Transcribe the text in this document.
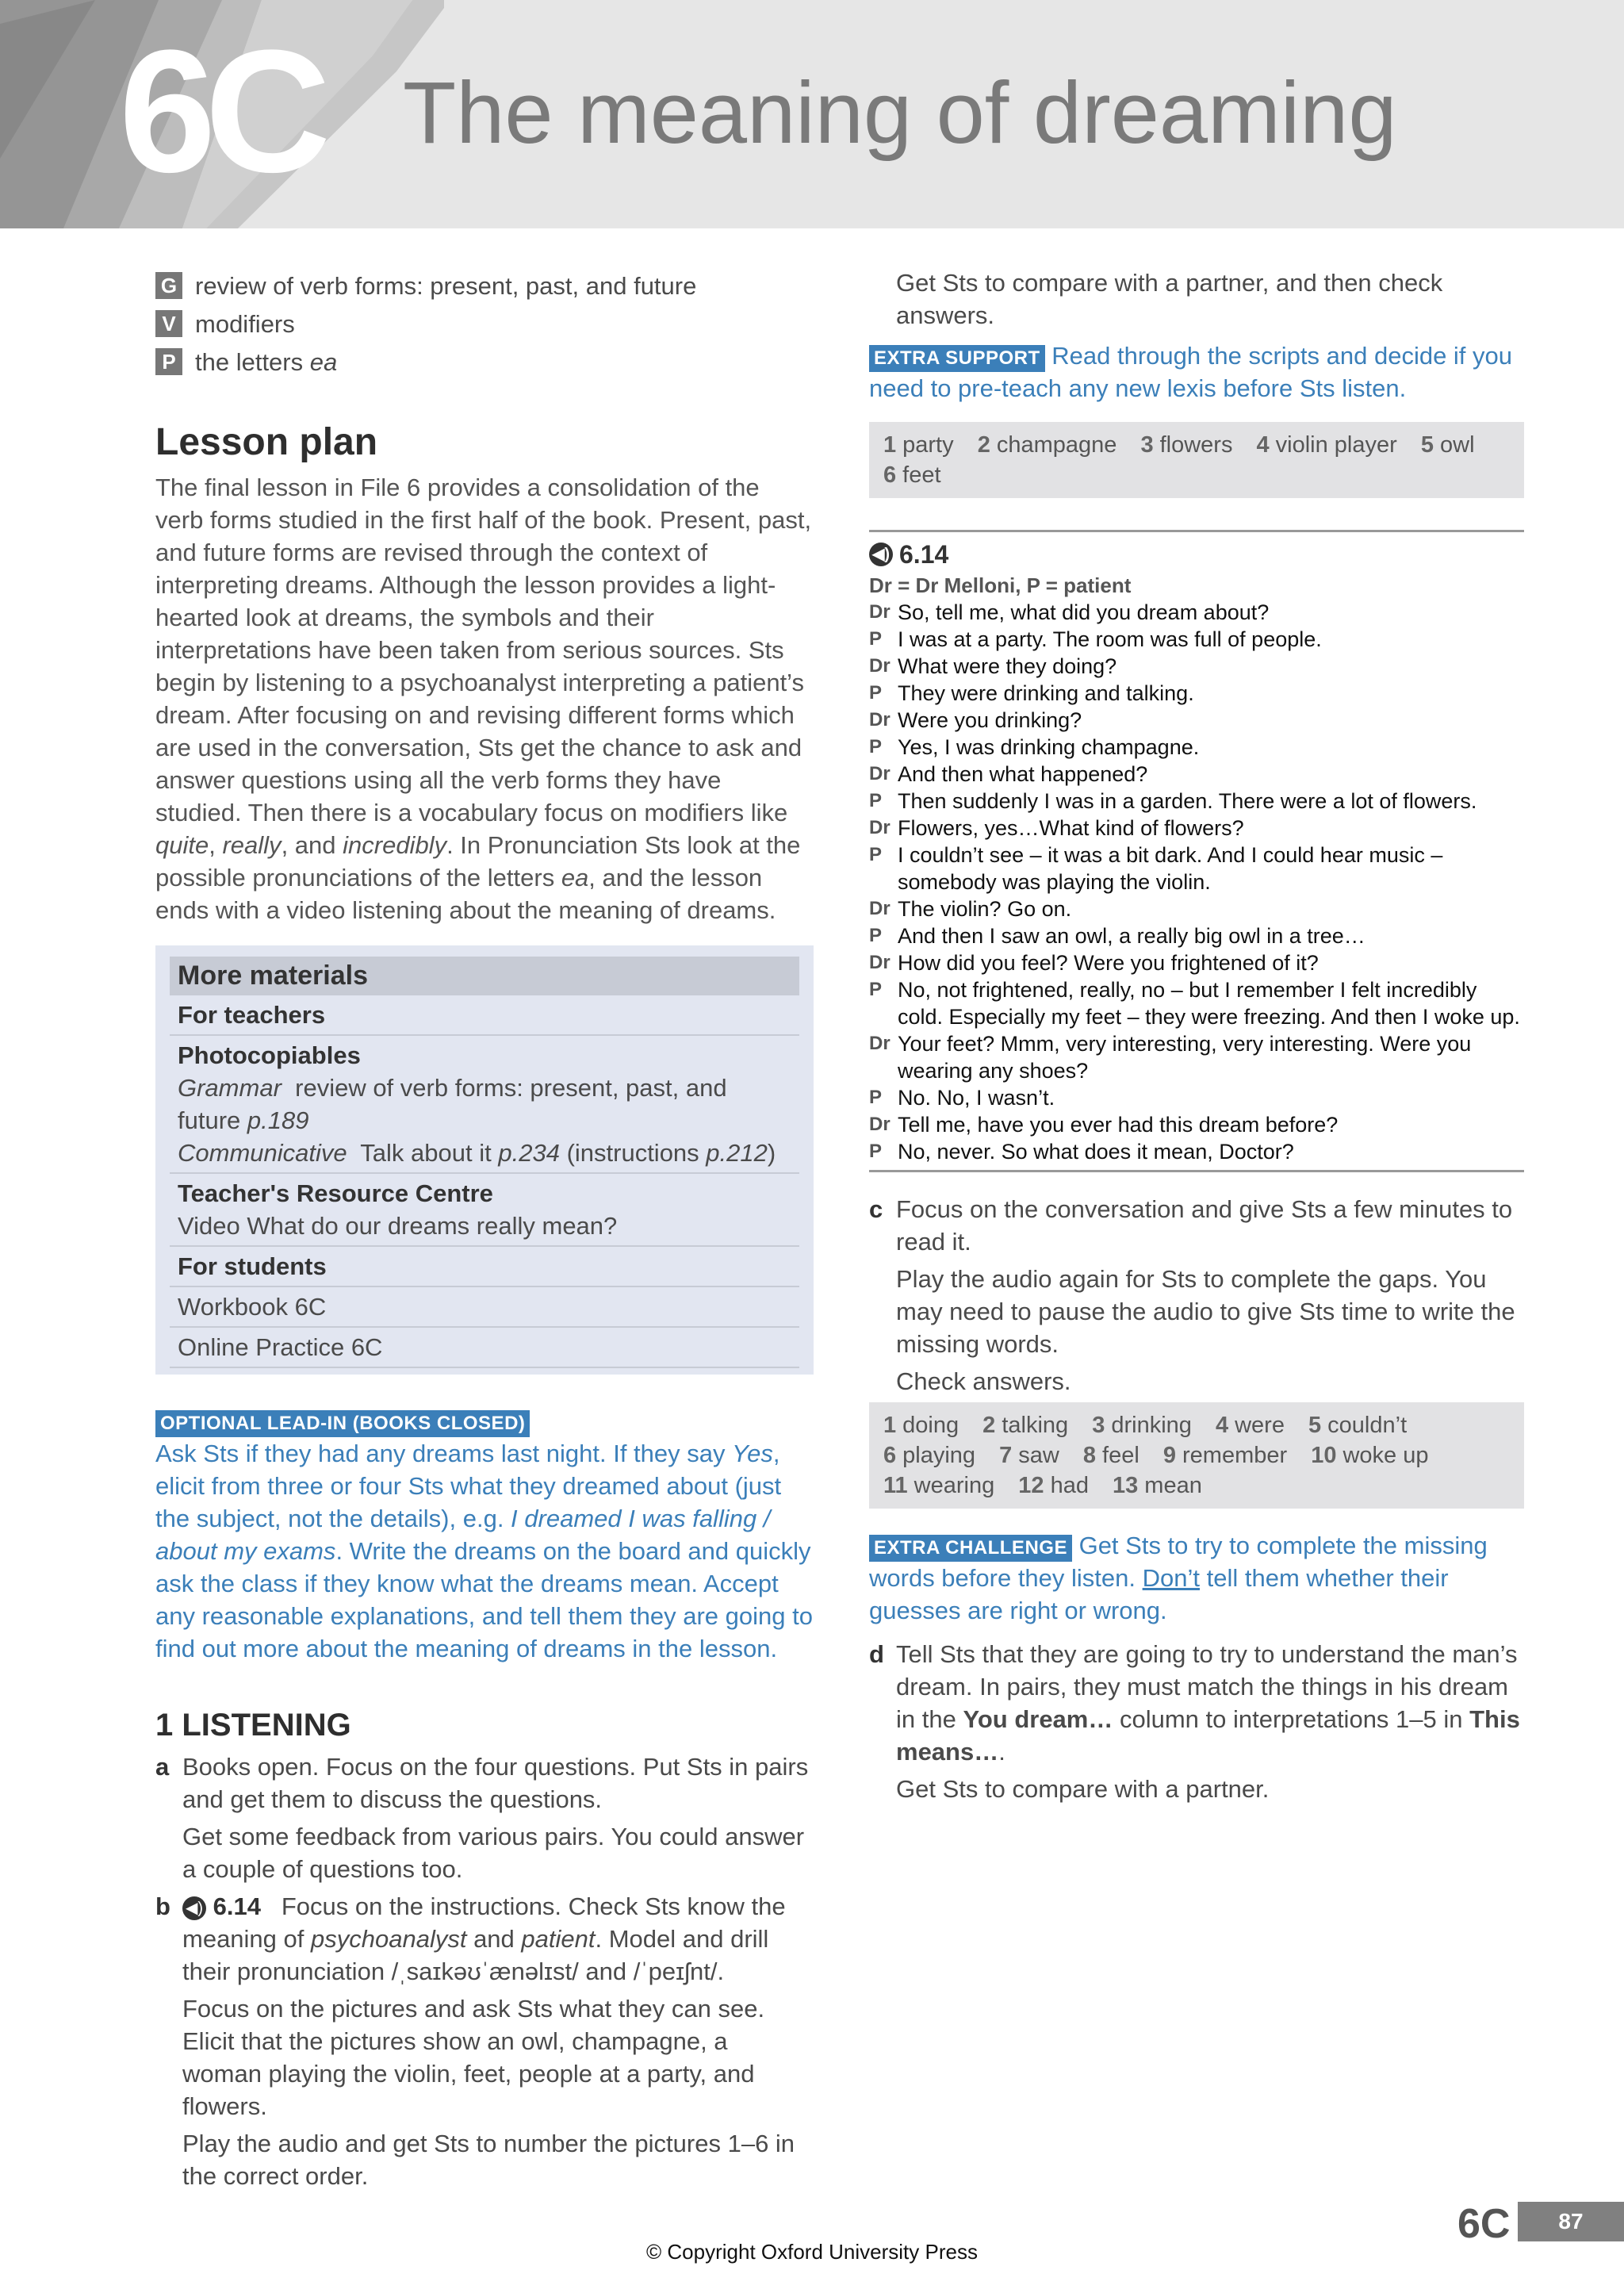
6C The meaning of dreaming
G review of verb forms: present, past, and future
V modifiers
P the letters ea
Lesson plan

The final lesson in File 6 provides a consolidation of the verb forms studied in the first half of the book. Present, past, and future forms are revised through the context of interpreting dreams. Although the lesson provides a light-hearted look at dreams, the symbols and their interpretations have been taken from serious sources. Sts begin by listening to a psychoanalyst interpreting a patient’s dream. After focusing on and revising different forms which are used in the conversation, Sts get the chance to ask and answer questions using all the verb forms they have studied. Then there is a vocabulary focus on modifiers like quite, really, and incredibly. In Pronunciation Sts look at the possible pronunciations of the letters ea, and the lesson ends with a video listening about the meaning of dreams.

More materials
For teachers
Photocopiables
Grammar review of verb forms: present, past, and future p.189
Communicative Talk about it p.234 (instructions p.212)
Teacher's Resource Centre
Video What do our dreams really mean?
For students
Workbook 6C
Online Practice 6C
OPTIONAL LEAD-IN (BOOKS CLOSED)

Ask Sts if they had any dreams last night. If they say Yes, elicit from three or four Sts what they dreamed about (just the subject, not the details), e.g. I dreamed I was falling / about my exams. Write the dreams on the board and quickly ask the class if they know what the dreams mean. Accept any reasonable explanations, and tell them they are going to find out more about the meaning of dreams in the lesson.

1 LISTENING
a Books open. Focus on the four questions. Put Sts in pairs and get them to discuss the questions.

Get some feedback from various pairs. You could answer a couple of questions too.

b ◀) 6.14 Focus on the instructions. Check Sts know the meaning of psychoanalyst and patient. Model and drill their pronunciation /ˌsaɪkəʊˈænəlɪst/ and /ˈpeɪʃnt/.

Focus on the pictures and ask Sts what they can see. Elicit that the pictures show an owl, champagne, a woman playing the violin, feet, people at a party, and flowers.

Play the audio and get Sts to number the pictures 1–6 in the correct order.

Get Sts to compare with a partner, and then check answers.

EXTRA SUPPORT Read through the scripts and decide if you need to pre-teach any new lexis before Sts listen.

1 party 2 champagne 3 flowers 4 violin player 5 owl
6 feet
◀) 6.14
Dr = Dr Melloni, P = patient
Dr So, tell me, what did you dream about?
P I was at a party. The room was full of people.
Dr What were they doing?
P They were drinking and talking.
Dr Were you drinking?
P Yes, I was drinking champagne.
Dr And then what happened?
P Then suddenly I was in a garden. There were a lot of flowers.
Dr Flowers, yes…What kind of flowers?
P I couldn’t see – it was a bit dark. And I could hear music – somebody was playing the violin.
Dr The violin? Go on.
P And then I saw an owl, a really big owl in a tree…
Dr How did you feel? Were you frightened of it?
P No, not frightened, really, no – but I remember I felt incredibly cold. Especially my feet – they were freezing. And then I woke up.
Dr Your feet? Mmm, very interesting, very interesting. Were you wearing any shoes?
P No. No, I wasn’t.
Dr Tell me, have you ever had this dream before?
P No, never. So what does it mean, Doctor?
c Focus on the conversation and give Sts a few minutes to read it.

Play the audio again for Sts to complete the gaps. You may need to pause the audio to give Sts time to write the missing words.

Check answers.

1 doing 2 talking 3 drinking 4 were 5 couldn’t
6 playing 7 saw 8 feel 9 remember 10 woke up
11 wearing 12 had 13 mean

EXTRA CHALLENGE Get Sts to try to complete the missing words before they listen. Don’t tell them whether their guesses are right or wrong.

d Tell Sts that they are going to try to understand the man’s dream. In pairs, they must match the things in his dream in the You dream… column to interpretations 1–5 in This means….

Get Sts to compare with a partner.

6C	87
© Copyright Oxford University Press
